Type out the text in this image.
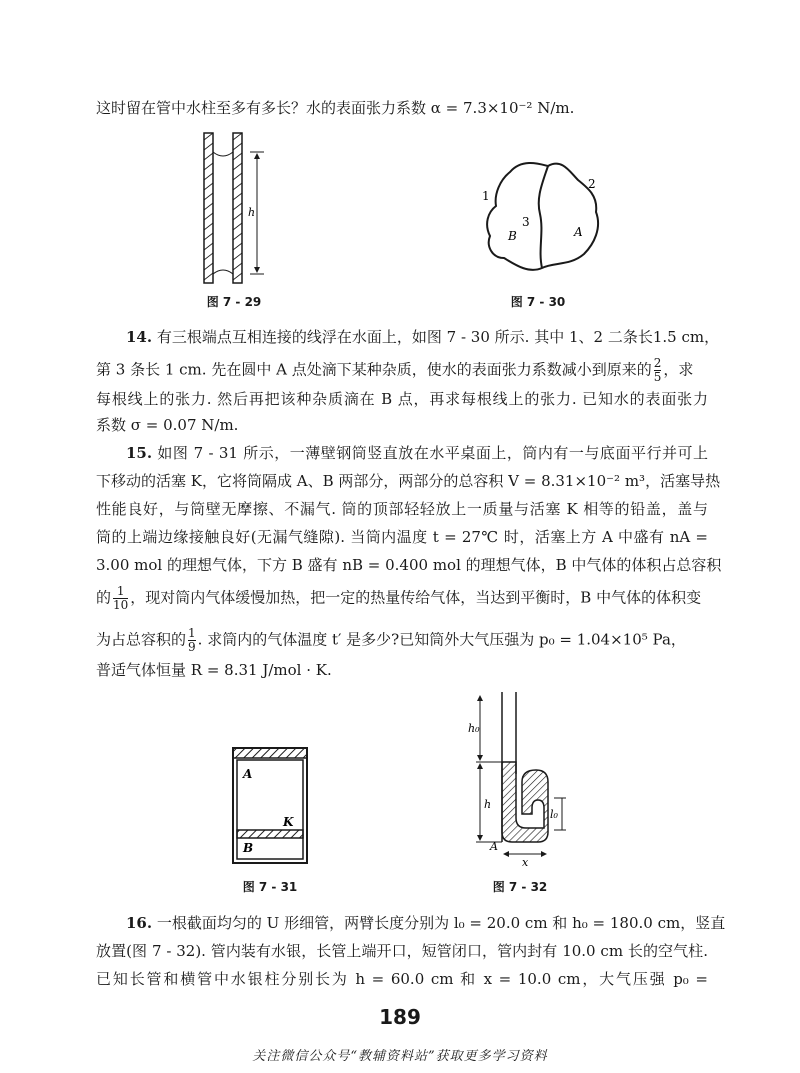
这时留在管中水柱至多有多长？水的表面张力系数 α = 7.3×10⁻² N/m.
h
图 7 - 29
1
2
3
B	A
图 7 - 30
14. 有三根端点互相连接的线浮在水面上，如图 7 - 30 所示. 其中 1、2 二条长1.5 cm，
第 3 条长 1 cm. 先在圆中 A 点处滴下某种杂质，使水的表面张力系数减小到原来的 $\frac{2}{5}$ ，求
每根线上的张力. 然后再把该种杂质滴在 B 点，再求每根线上的张力. 已知水的表面张力
系数 σ = 0.07 N/m.
15. 如图 7 - 31 所示，一薄壁钢筒竖直放在水平桌面上，筒内有一与底面平行并可上
下移动的活塞 K，它将筒隔成 A、B 两部分，两部分的总容积 V = 8.31×10⁻² m³，活塞导热
性能良好，与筒壁无摩擦、不漏气. 筒的顶部轻轻放上一质量与活塞 K 相等的铅盖，盖与
筒的上端边缘接触良好(无漏气缝隙). 当筒内温度 t = 27℃ 时，活塞上方 A 中盛有 nA =
3.00 mol 的理想气体，下方 B 盛有 nB = 0.400 mol 的理想气体，B 中气体的体积占总容积
的 $\frac{1}{10}$ ，现对筒内气体缓慢加热，把一定的热量传给气体，当达到平衡时，B 中气体的体积变
为占总容积的 $\frac{1}{9}$ . 求筒内的气体温度 t′ 是多少?已知筒外大气压强为 p₀ = 1.04×10⁵ Pa，
普适气体恒量 R = 8.31 J/mol · K.
A
K
B
图 7 - 31
h₀
h
l₀
A
x
图 7 - 32
16. 一根截面均匀的 U 形细管，两臂长度分别为 l₀ = 20.0 cm 和 h₀ = 180.0 cm，竖直
放置(图 7 - 32). 管内装有水银，长管上端开口，短管闭口，管内封有 10.0 cm 长的空气柱.
已知长管和横管中水银柱分别长为 h = 60.0 cm 和 x = 10.0 cm，大气压强 p₀ =
189
关注微信公众号“教辅资料站”获取更多学习资料
